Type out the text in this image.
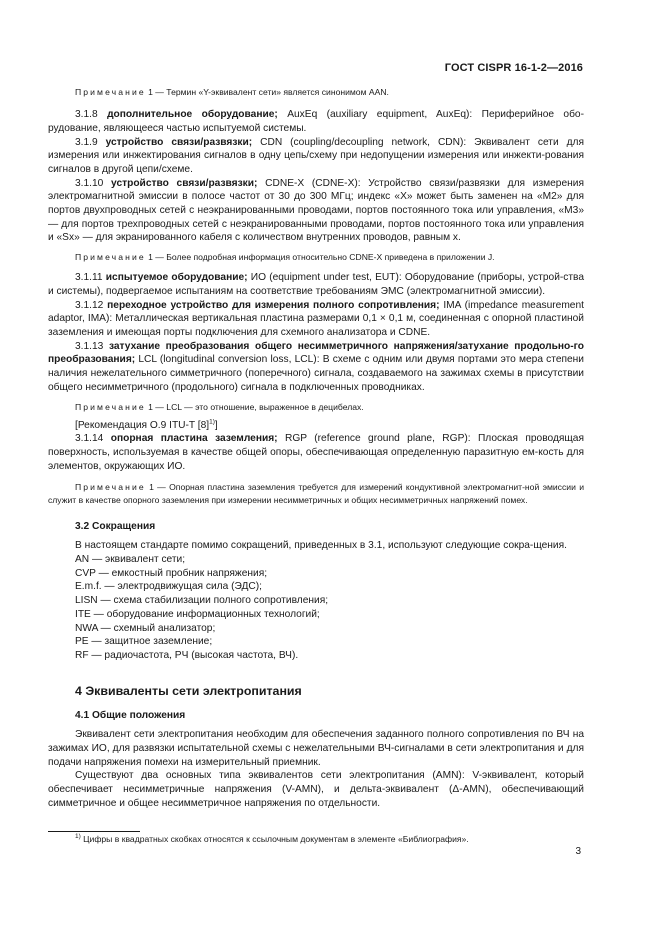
ГОСТ CISPR 16-1-2—2016

Примечание 1 — Термин «Y-эквивалент сети» является синонимом AAN.

3.1.8 дополнительное оборудование; AuxEq (auxiliary equipment, AuxEq): Периферийное обо-рудование, являющееся частью испытуемой системы.

3.1.9 устройство связи/развязки; CDN (coupling/decoupling network, CDN): Эквивалент сети для измерения или инжектирования сигналов в одну цепь/схему при недопущении измерения или инжекти-рования сигналов в другой цепи/схеме.

3.1.10 устройство связи/развязки; CDNE-X (CDNE-X): Устройство связи/развязки для измерения электромагнитной эмиссии в полосе частот от 30 до 300 МГц; индекс «X» может быть заменен на «M2» для портов двухпроводных сетей с неэкранированными проводами, портов постоянного тока или управления, «M3» — для портов трехпроводных сетей с неэкранированными проводами, портов постоянного тока или управления и «Sx» — для экранированного кабеля с количеством внутренних проводов, равным x.

Примечание 1 — Более подробная информация относительно CDNE-X приведена в приложении J.

3.1.11 испытуемое оборудование; ИО (equipment under test, EUT): Оборудование (приборы, устрой-ства и системы), подвергаемое испытаниям на соответствие требованиям ЭМС (электромагнитной эмиссии).

3.1.12 переходное устройство для измерения полного сопротивления; IMA (impedance measurement adaptor, IMA): Металлическая вертикальная пластина размерами 0,1 × 0,1 м, соединенная с опорной пластиной заземления и имеющая порты подключения для схемного анализатора и CDNE.

3.1.13 затухание преобразования общего несимметричного напряжения/затухание продольно-го преобразования; LCL (longitudinal conversion loss, LCL): В схеме с одним или двумя портами это мера степени наличия нежелательного симметричного (поперечного) сигнала, создаваемого на зажимах схемы в присутствии общего несимметричного (продольного) сигнала в подключенных проводниках.

Примечание 1 — LCL — это отношение, выраженное в децибелах.

[Рекомендация O.9 ITU-T $[8]^{1)}$]

3.1.14 опорная пластина заземления; RGP (reference ground plane, RGP): Плоская проводящая поверхность, используемая в качестве общей опоры, обеспечивающая определенную паразитную ем-кость для элементов, окружающих ИО.

Примечание 1 — Опорная пластина заземления требуется для измерений кондуктивной электромагнит-ной эмиссии и служит в качестве опорного заземления при измерении несимметричных и общих несимметричных напряжений помех.

3.2 Сокращения

В настоящем стандарте помимо сокращений, приведенных в 3.1, используют следующие сокра-щения.

AN — эквивалент сети;

CVP — емкостный пробник напряжения;

E.m.f. — электродвижущая сила (ЭДС);

LISN — схема стабилизации полного сопротивления;

ITE — оборудование информационных технологий;

NWA — схемный анализатор;

PE — защитное заземление;

RF — радиочастота, РЧ (высокая частота, ВЧ).

4 Эквиваленты сети электропитания
4.1 Общие положения

Эквивалент сети электропитания необходим для обеспечения заданного полного сопротивления по ВЧ на зажимах ИО, для развязки испытательной схемы с нежелательными ВЧ-сигналами в сети электропитания и для подачи напряжения помехи на измерительный приемник.

Существуют два основных типа эквивалентов сети электропитания (AMN): V-эквивалент, который обеспечивает несимметричные напряжения (V-AMN), и дельта-эквивалент (Δ-AMN), обеспечивающий симметричное и общее несимметричное напряжения по отдельности.

$^{1)}$ Цифры в квадратных скобках относятся к ссылочным документам в элементе «Библиография».

3
